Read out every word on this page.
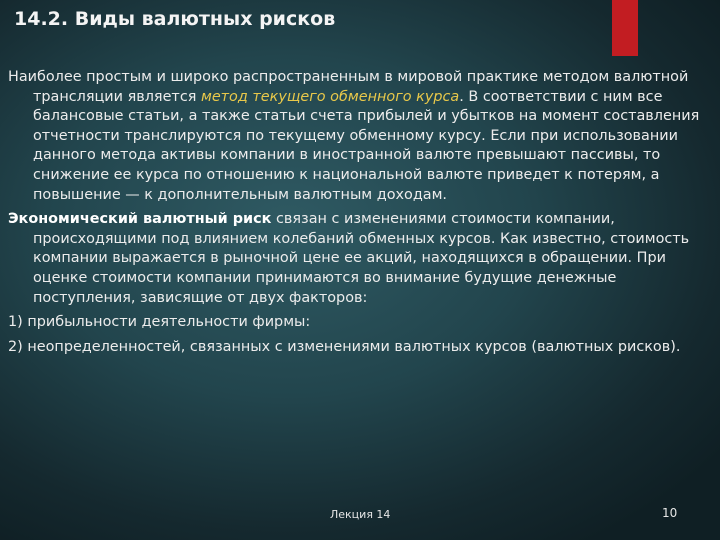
14.2. Виды валютных рисков

Наиболее простым и широко распространенным в мировой практике методом валютной трансляции является метод текущего обменного курса. В соответствии с ним все балансовые статьи, а также статьи счета прибылей и убытков на момент составления отчетности транслируются по текущему обменному курсу. Если при использовании данного метода активы компании в иностранной валюте превышают пассивы, то снижение ее курса по отношению к национальной валюте приведет к потерям, а повышение — к дополнительным валютным доходам.

Экономический валютный риск связан с изменениями стоимости компании, происходящими под влиянием колебаний обменных курсов. Как известно, стоимость компании выражается в рыночной цене ее акций, находящихся в обращении. При оценке стоимости компании принимаются во внимание будущие денежные поступления, зависящие от двух факторов:

1) прибыльности деятельности фирмы:

2) неопределенностей, связанных с изменениями валютных курсов (валютных рисков).

Лекция 14	10
